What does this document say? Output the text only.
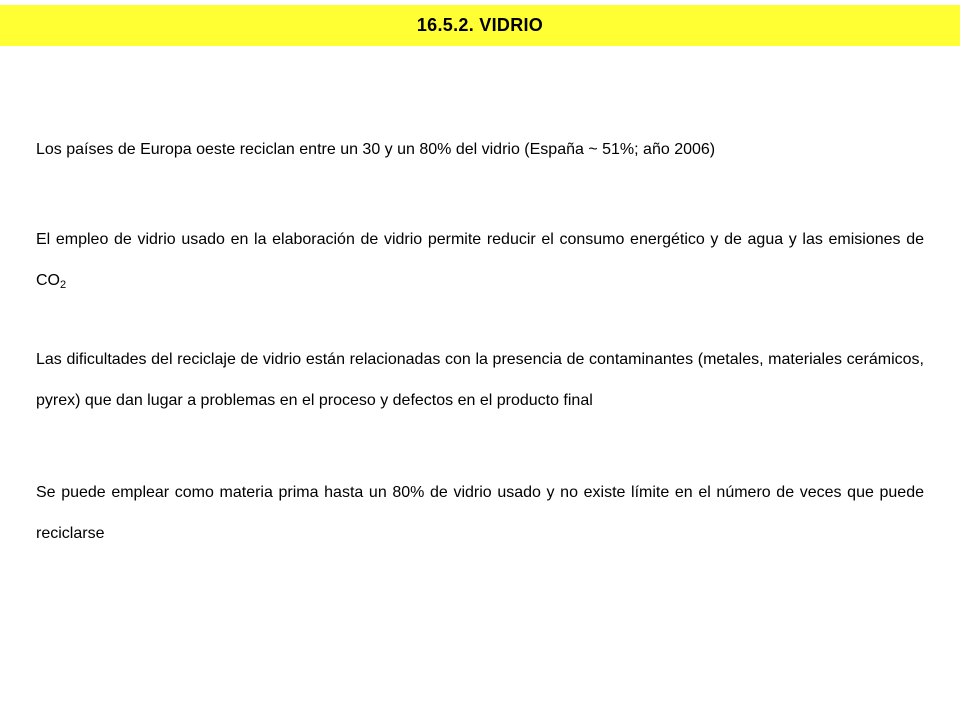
16.5.2. VIDRIO

Los países de Europa oeste reciclan entre un 30 y un 80% del vidrio (España ~ 51%; año 2006)

El empleo de vidrio usado en la elaboración de vidrio permite reducir el consumo energético y de agua y las emisiones de $CO_2$

Las dificultades del reciclaje de vidrio están relacionadas con la presencia de contaminantes (metales, materiales cerámicos, pyrex) que dan lugar a problemas en el proceso y defectos en el producto final

Se puede emplear como materia prima hasta un 80% de vidrio usado y no existe límite en el número de veces que puede reciclarse
